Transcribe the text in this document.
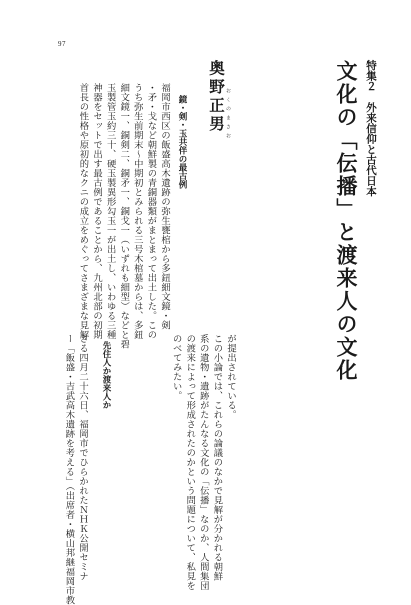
97
特集２　外来信仰と古代日本
文化の「伝播」と渡来人の文化
おくのまさお
奥野正男
鏡・剣・玉共伴の最古例
福岡市西区の飯盛高木遺跡の弥生甕棺から多鈕細文鏡・剣
・矛・戈など朝鮮製の青銅器類がまとまって出土した。この
うち弥生前期末〜中期初とみられる三号木棺墓からは、多鈕
細文鏡一、銅剣二、銅矛一、銅戈一（いずれも細型）などと碧
玉製管玉約三十、硬玉製異形勾玉一が出土し、いわゆる三種
神器をセットで出す最古例であることから、九州北部の初期
首長の性格や原初的なクニの成立をめぐってさまざまな見解
が提出されている。
この小論では、これらの論議のなかで見解が分かれる朝鮮
系の遺物・遺跡がたんなる文化の「伝播」なのか、人間集団
の渡来によって形成されたのかという問題について、私見を
のべてみたい。
先住人か渡来人か
さる四月二十六日、福岡市でひらかれたＮＨＫ公開セミナ
ー「飯盛・吉武高木遺跡を考える」（出席者・横山邦継福岡市教
